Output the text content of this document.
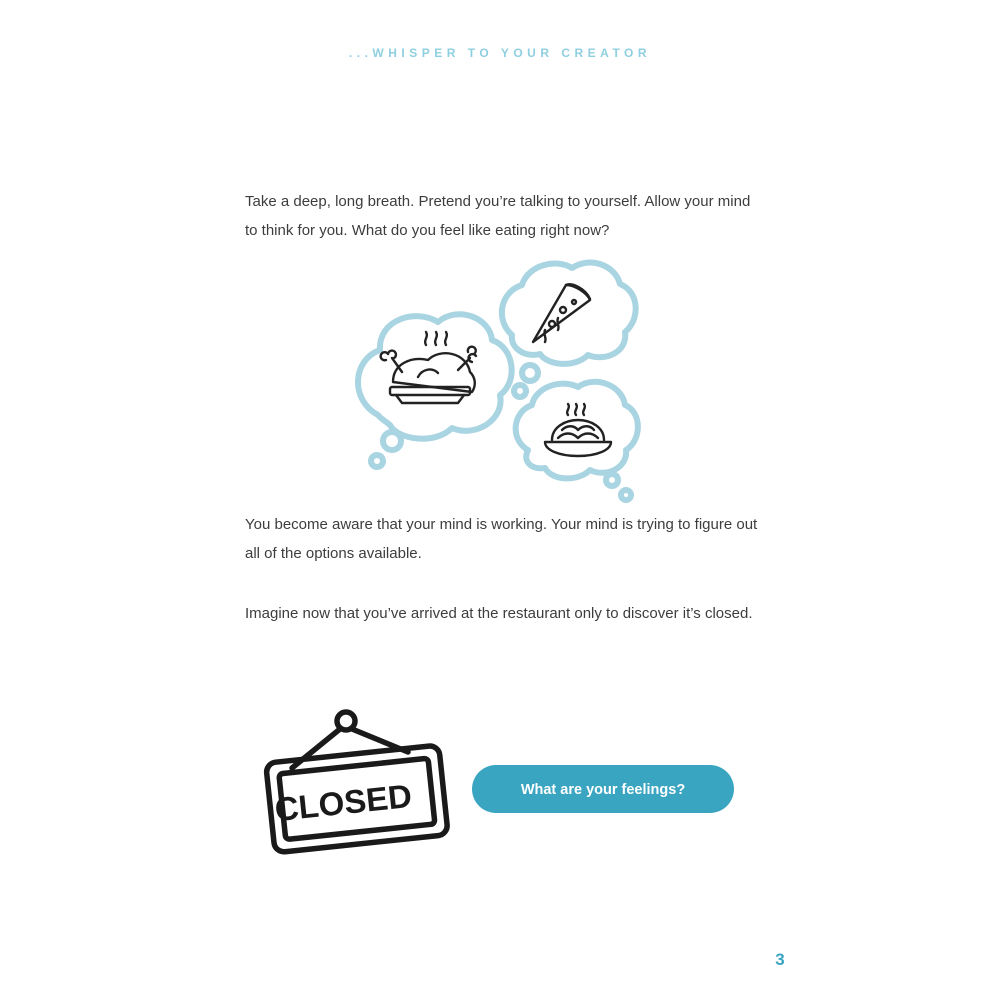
...WHISPER TO YOUR CREATOR

Take a deep, long breath. Pretend you’re talking to yourself. Allow your mind to think for you. What do you feel like eating right now?

You become aware that your mind is working. Your mind is trying to figure out all of the options available.

Imagine now that you’ve arrived at the restaurant only to discover it’s closed.

CLOSED	What are your feelings?
3
